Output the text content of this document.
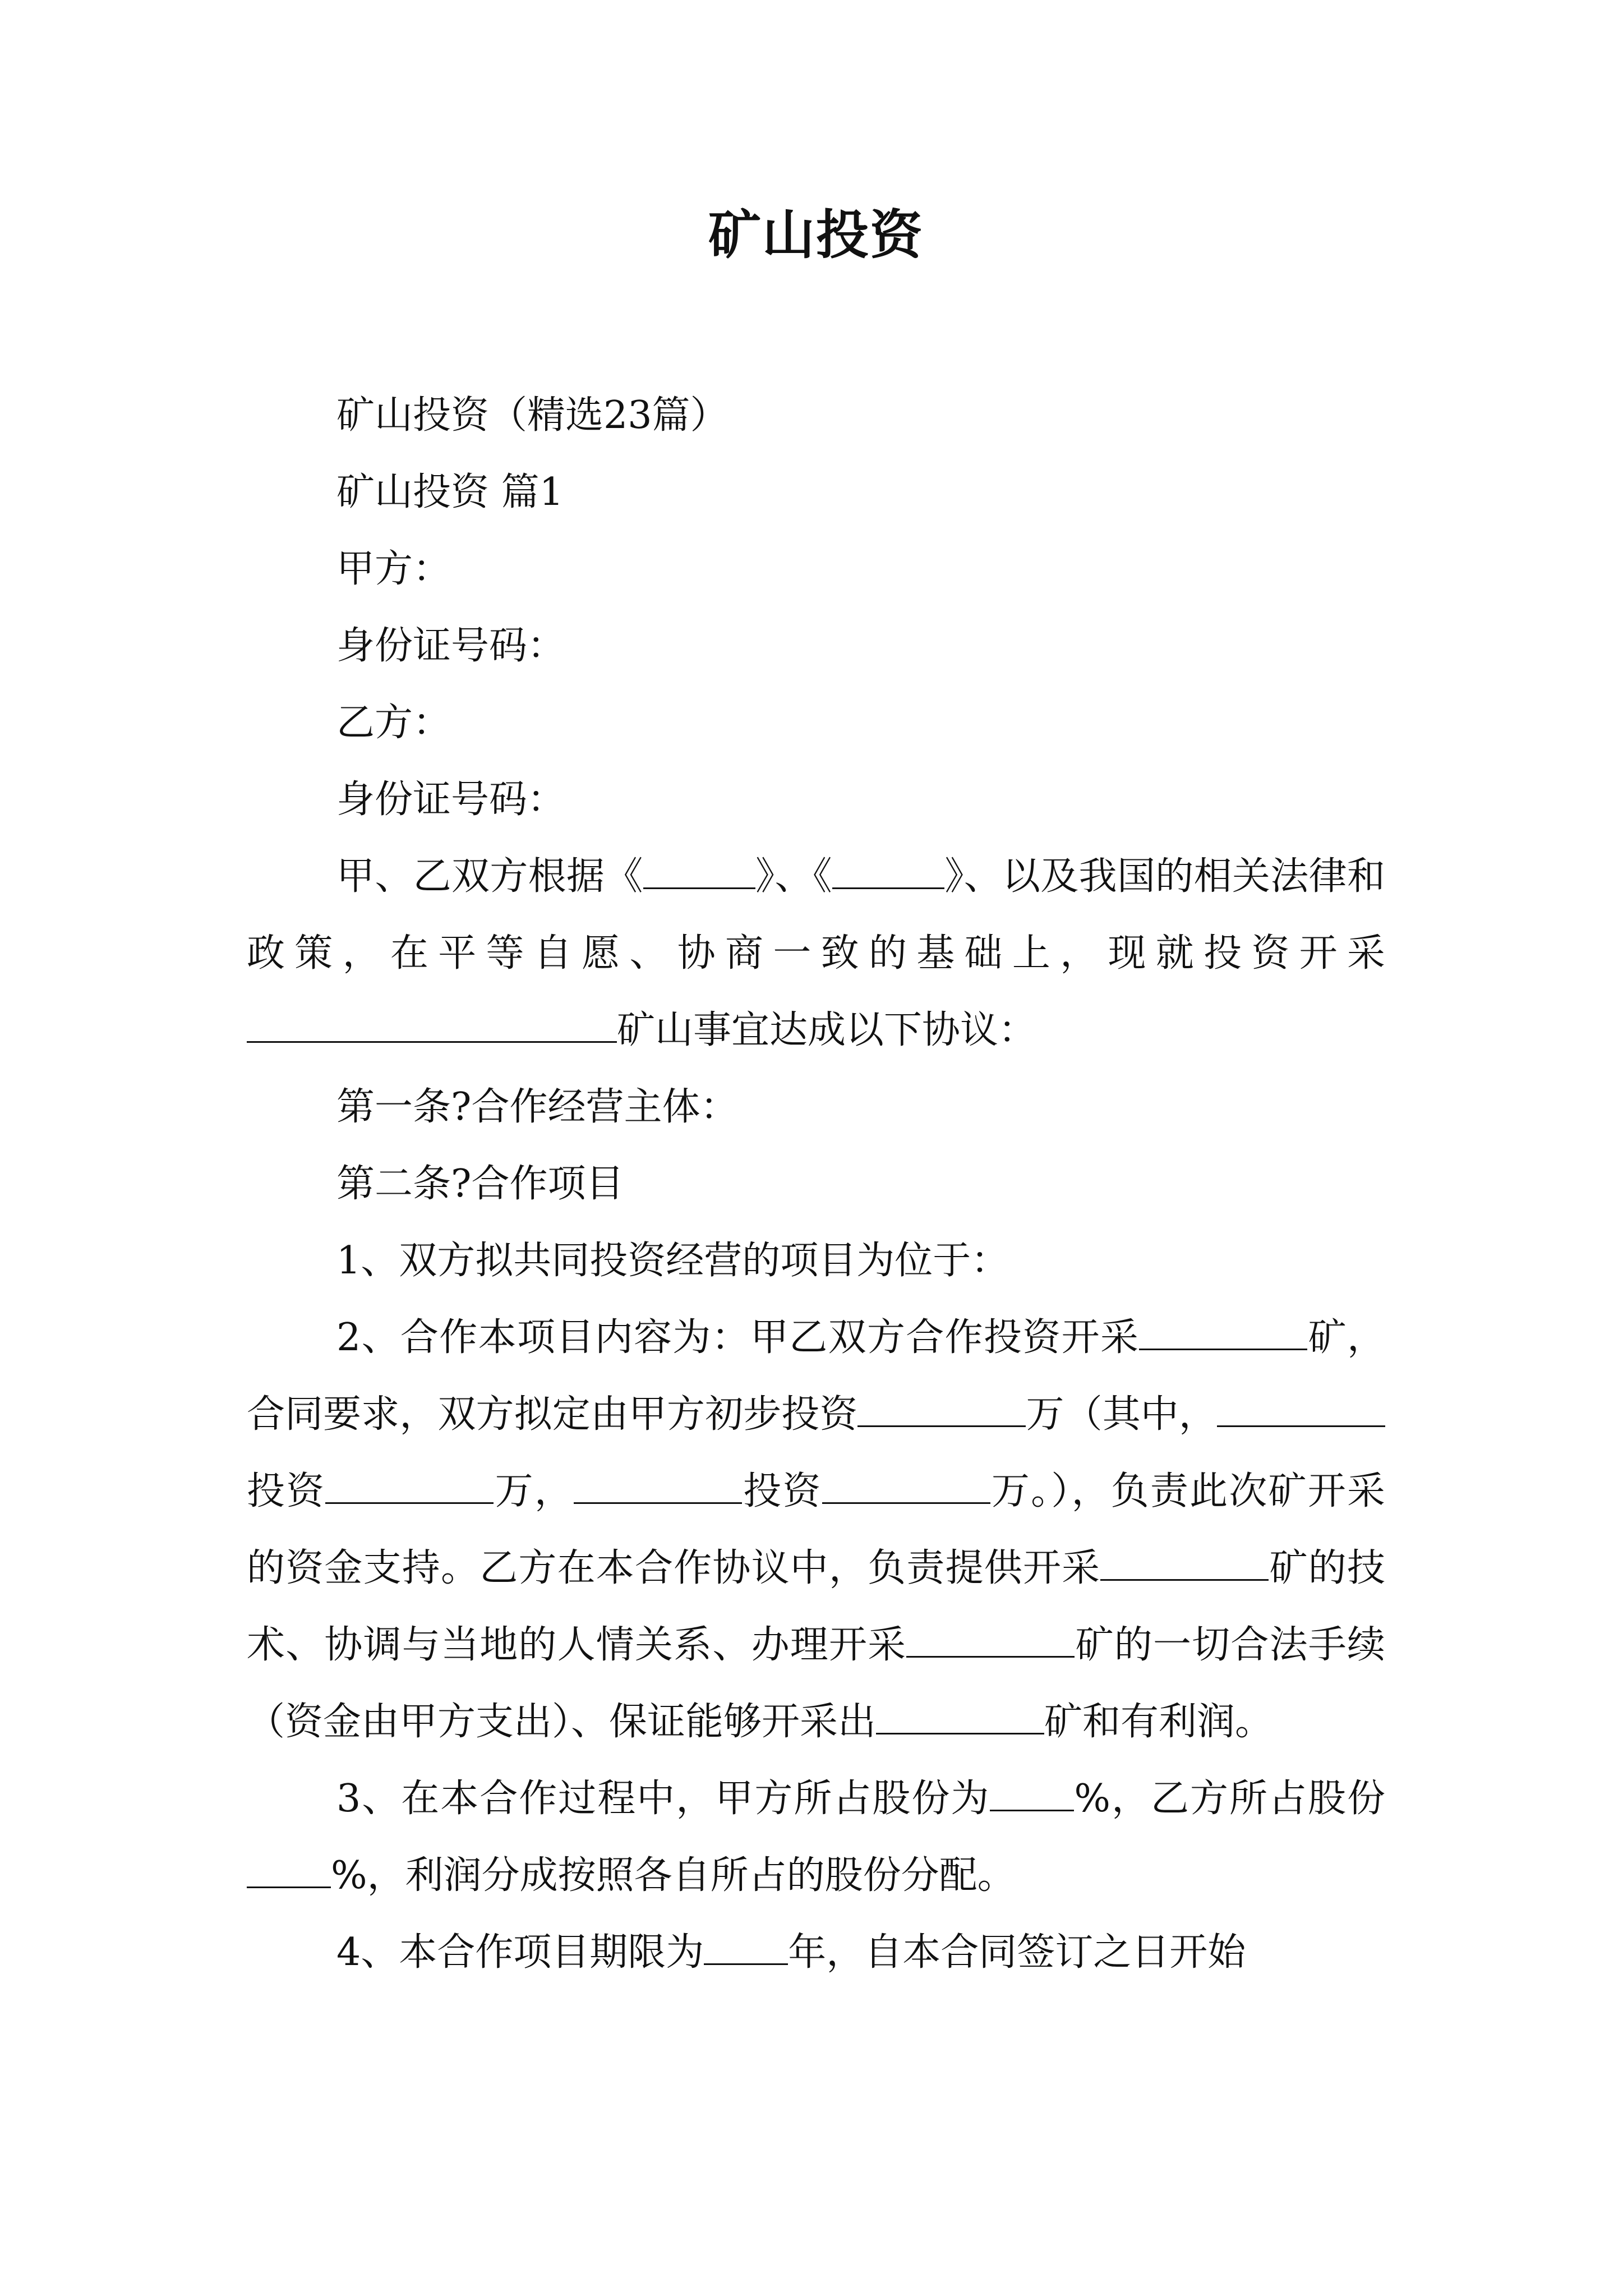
矿山投资

矿山投资（精选23篇）

矿山投资 篇1

甲方：

身份证号码：

乙方：

身份证号码：

甲、乙双方根据《	》、《	》、以及我国的相关法律和政策，在平等自愿、协商一致的基础上，现就投资开采矿山事宜达成以下协议：

第一条?合作经营主体：

第二条?合作项目

1、双方拟共同投资经营的项目为位于：

2、合作本项目内容为：甲乙双方合作投资开采	矿，合同要求，双方拟定由甲方初步投资	万（其中，投资	万，	投资	万。），负责此次矿开采的资金支持。乙方在本合作协议中，负责提供开采	矿的技术、协调与当地的人情关系、办理开采	矿的一切合法手续（资金由甲方支出）、保证能够开采出	矿和有利润。

3、在本合作过程中，甲方所占股份为 %，乙方所占股份%，利润分成按照各自所占的股份分配。

4、本合作项目期限为 年，自本合同签订之日开始
